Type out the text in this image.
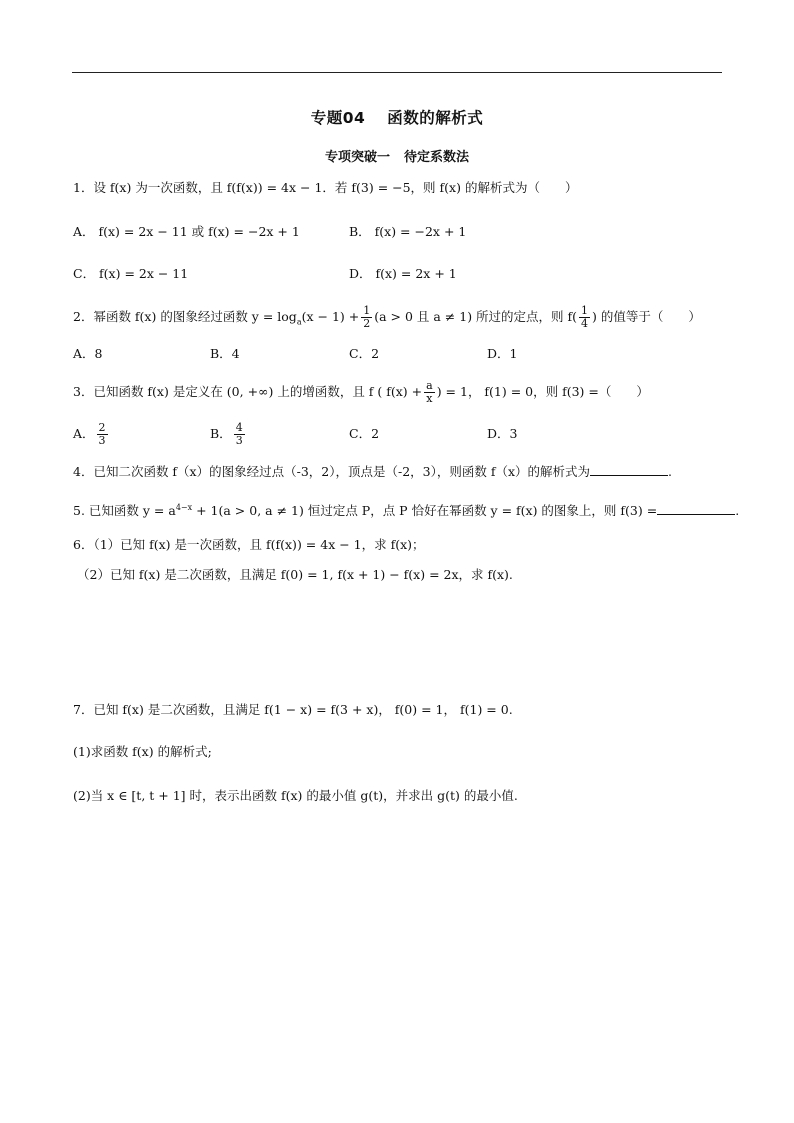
专题04 函数的解析式
专项突破一 待定系数法
1．设 f(x) 为一次函数，且 f(f(x)) = 4x − 1．若 f(3) = −5，则 f(x) 的解析式为（　　）
A． f(x) = 2x − 11 或 f(x) = −2x + 1	B． f(x) = −2x + 1
C． f(x) = 2x − 11	D． f(x) = 2x + 1
2．幂函数 f(x) 的图象经过函数 $y = \log_a(x - 1) + \frac{1}{2} (a > 0$ 且 a ≠ 1) 所过的定点，则 $f( \frac{1}{4}$ ) 的值等于（　　）
A．8	B．4	C．2	D．1
3．已知函数 f(x) 是定义在 (0, +∞) 上的增函数，且 f ( $f(x) + \frac{a}{x}$ ) = 1， f(1) = 0，则 f(3) =（　　）
A． $\frac{2}{3}$	B． $\frac{4}{3}$	C．2	D．3
4．已知二次函数 f（x）的图象经过点（-3，2），顶点是（-2，3），则函数 f（x）的解析式为	.
5. 已知函数 $y = a^{4-x} + 1(a > 0$, a ≠ 1) 恒过定点 P，点 P 恰好在幂函数 y = f(x) 的图象上，则 f(3) =	.
6．（1）已知 f(x) 是一次函数，且 f(f(x)) = 4x − 1，求 f(x)；
（2）已知 f(x) 是二次函数，且满足 f(0) = 1, f(x + 1) − f(x) = 2x，求 f(x).
7．已知 f(x) 是二次函数，且满足 f(1 − x) = f(3 + x)， f(0) = 1， f(1) = 0.
(1)求函数 f(x) 的解析式;
(2)当 x ∈ [t, t + 1] 时，表示出函数 f(x) 的最小值 g(t)，并求出 g(t) 的最小值.
